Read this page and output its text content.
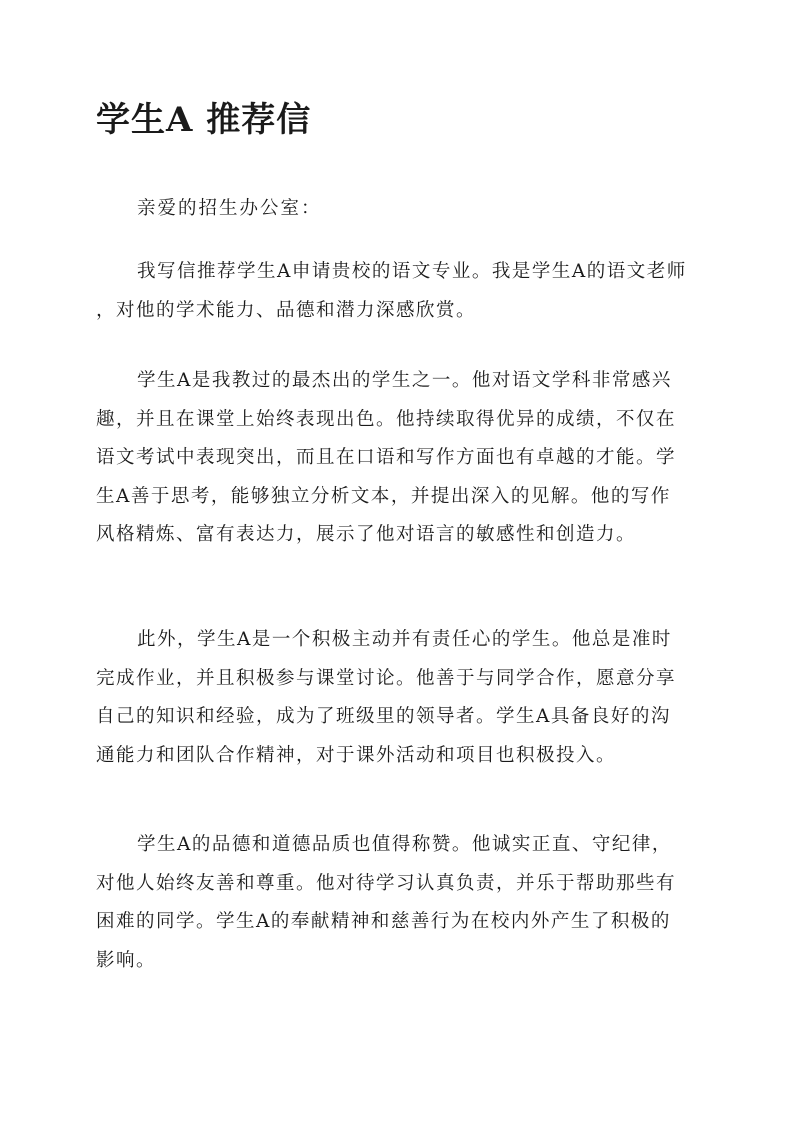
学生A 推荐信

亲爱的招生办公室：

我写信推荐学生A申请贵校的语文专业。我是学生A的语文老师
，对他的学术能力、品德和潜力深感欣赏。

学生A是我教过的最杰出的学生之一。他对语文学科非常感兴
趣，并且在课堂上始终表现出色。他持续取得优异的成绩，不仅在
语文考试中表现突出，而且在口语和写作方面也有卓越的才能。学
生A善于思考，能够独立分析文本，并提出深入的见解。他的写作
风格精炼、富有表达力，展示了他对语言的敏感性和创造力。

此外，学生A是一个积极主动并有责任心的学生。他总是准时
完成作业，并且积极参与课堂讨论。他善于与同学合作，愿意分享
自己的知识和经验，成为了班级里的领导者。学生A具备良好的沟
通能力和团队合作精神，对于课外活动和项目也积极投入。

学生A的品德和道德品质也值得称赞。他诚实正直、守纪律，
对他人始终友善和尊重。他对待学习认真负责，并乐于帮助那些有
困难的同学。学生A的奉献精神和慈善行为在校内外产生了积极的
影响。
